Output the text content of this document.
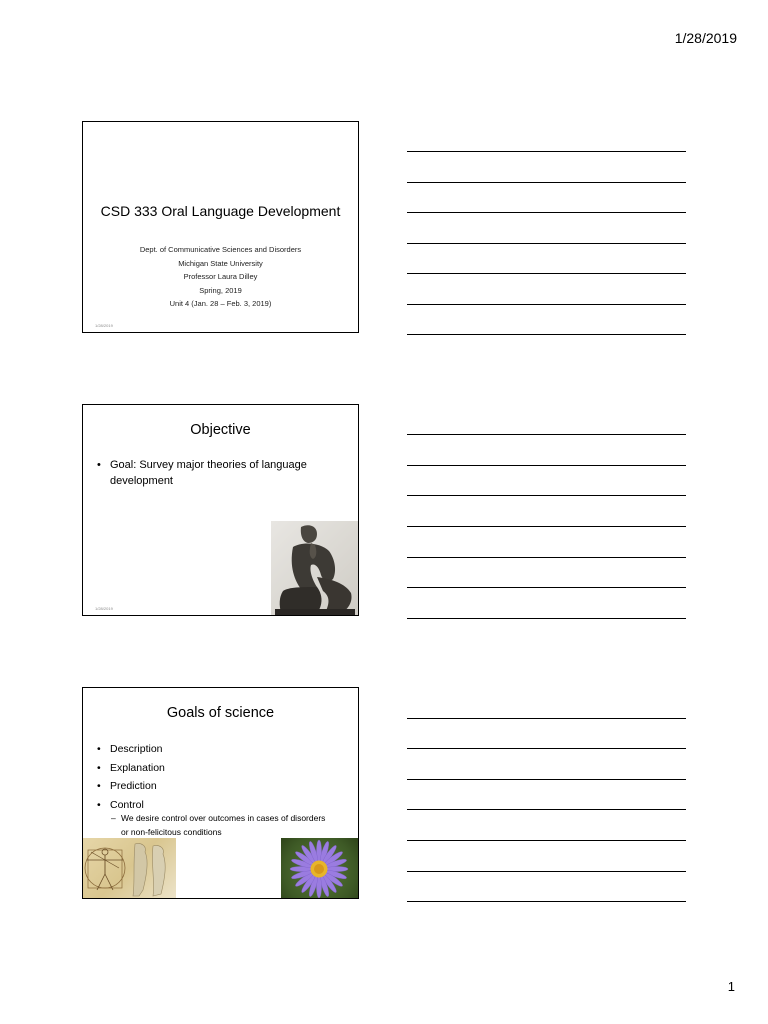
1/28/2019
CSD 333 Oral Language Development
Dept. of Communicative Sciences and Disorders
Michigan State University
Professor Laura Dilley
Spring, 2019
Unit 4 (Jan. 28 – Feb. 3, 2019)
1/28/2019
Objective
• Goal: Survey major theories of language development
1/28/2019
Goals of science
• Description
• Explanation
• Prediction
• Control
– We desire control over outcomes in cases of disorders or non-felicitous conditions
1
